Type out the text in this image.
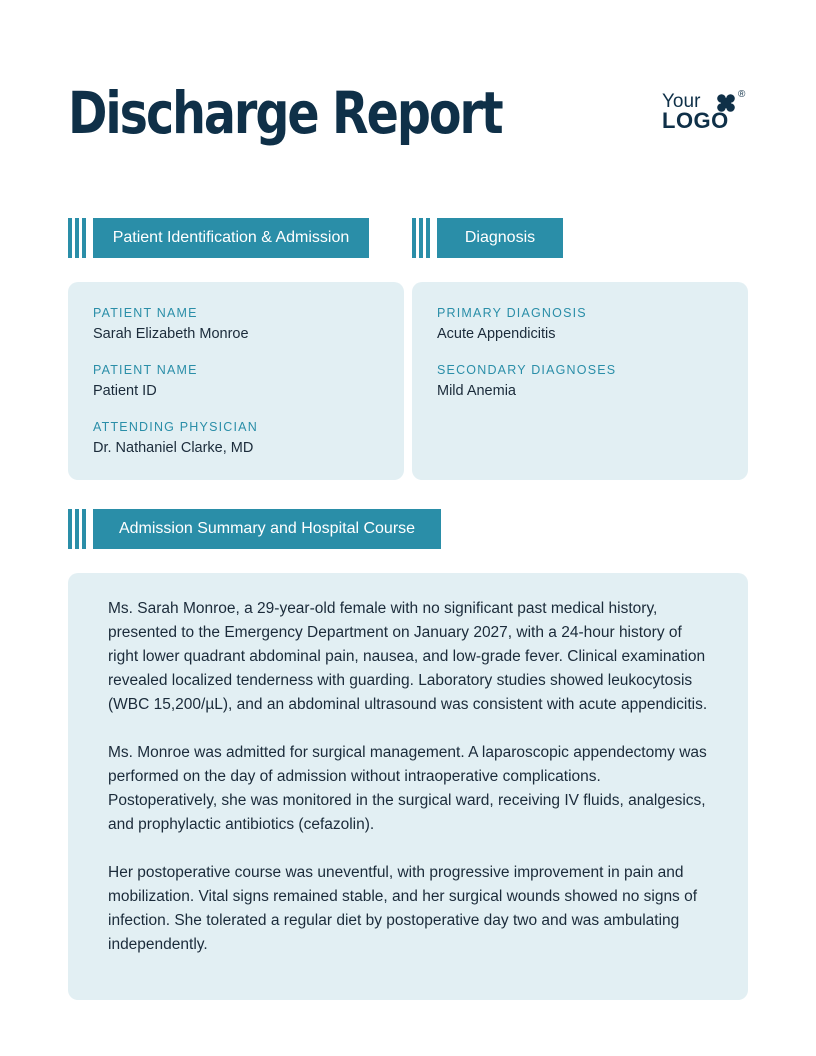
Discharge Report	Your	®
LOGO
Patient Identification & Admission	Diagnosis
PATIENT NAME
Sarah Elizabeth Monroe
PATIENT NAME
Patient ID
ATTENDING PHYSICIAN
Dr. Nathaniel Clarke, MD
PRIMARY DIAGNOSIS
Acute Appendicitis
SECONDARY DIAGNOSES
Mild Anemia
Admission Summary and Hospital Course

Ms. Sarah Monroe, a 29-year-old female with no significant past medical history, presented to the Emergency Department on January 2027, with a 24-hour history of right lower quadrant abdominal pain, nausea, and low-grade fever. Clinical examination revealed localized tenderness with guarding. Laboratory studies showed leukocytosis (WBC 15,200/µL), and an abdominal ultrasound was consistent with acute appendicitis.

Ms. Monroe was admitted for surgical management. A laparoscopic appendectomy was performed on the day of admission without intraoperative complications. Postoperatively, she was monitored in the surgical ward, receiving IV fluids, analgesics, and prophylactic antibiotics (cefazolin).

Her postoperative course was uneventful, with progressive improvement in pain and mobilization. Vital signs remained stable, and her surgical wounds showed no signs of infection. She tolerated a regular diet by postoperative day two and was ambulating independently.
